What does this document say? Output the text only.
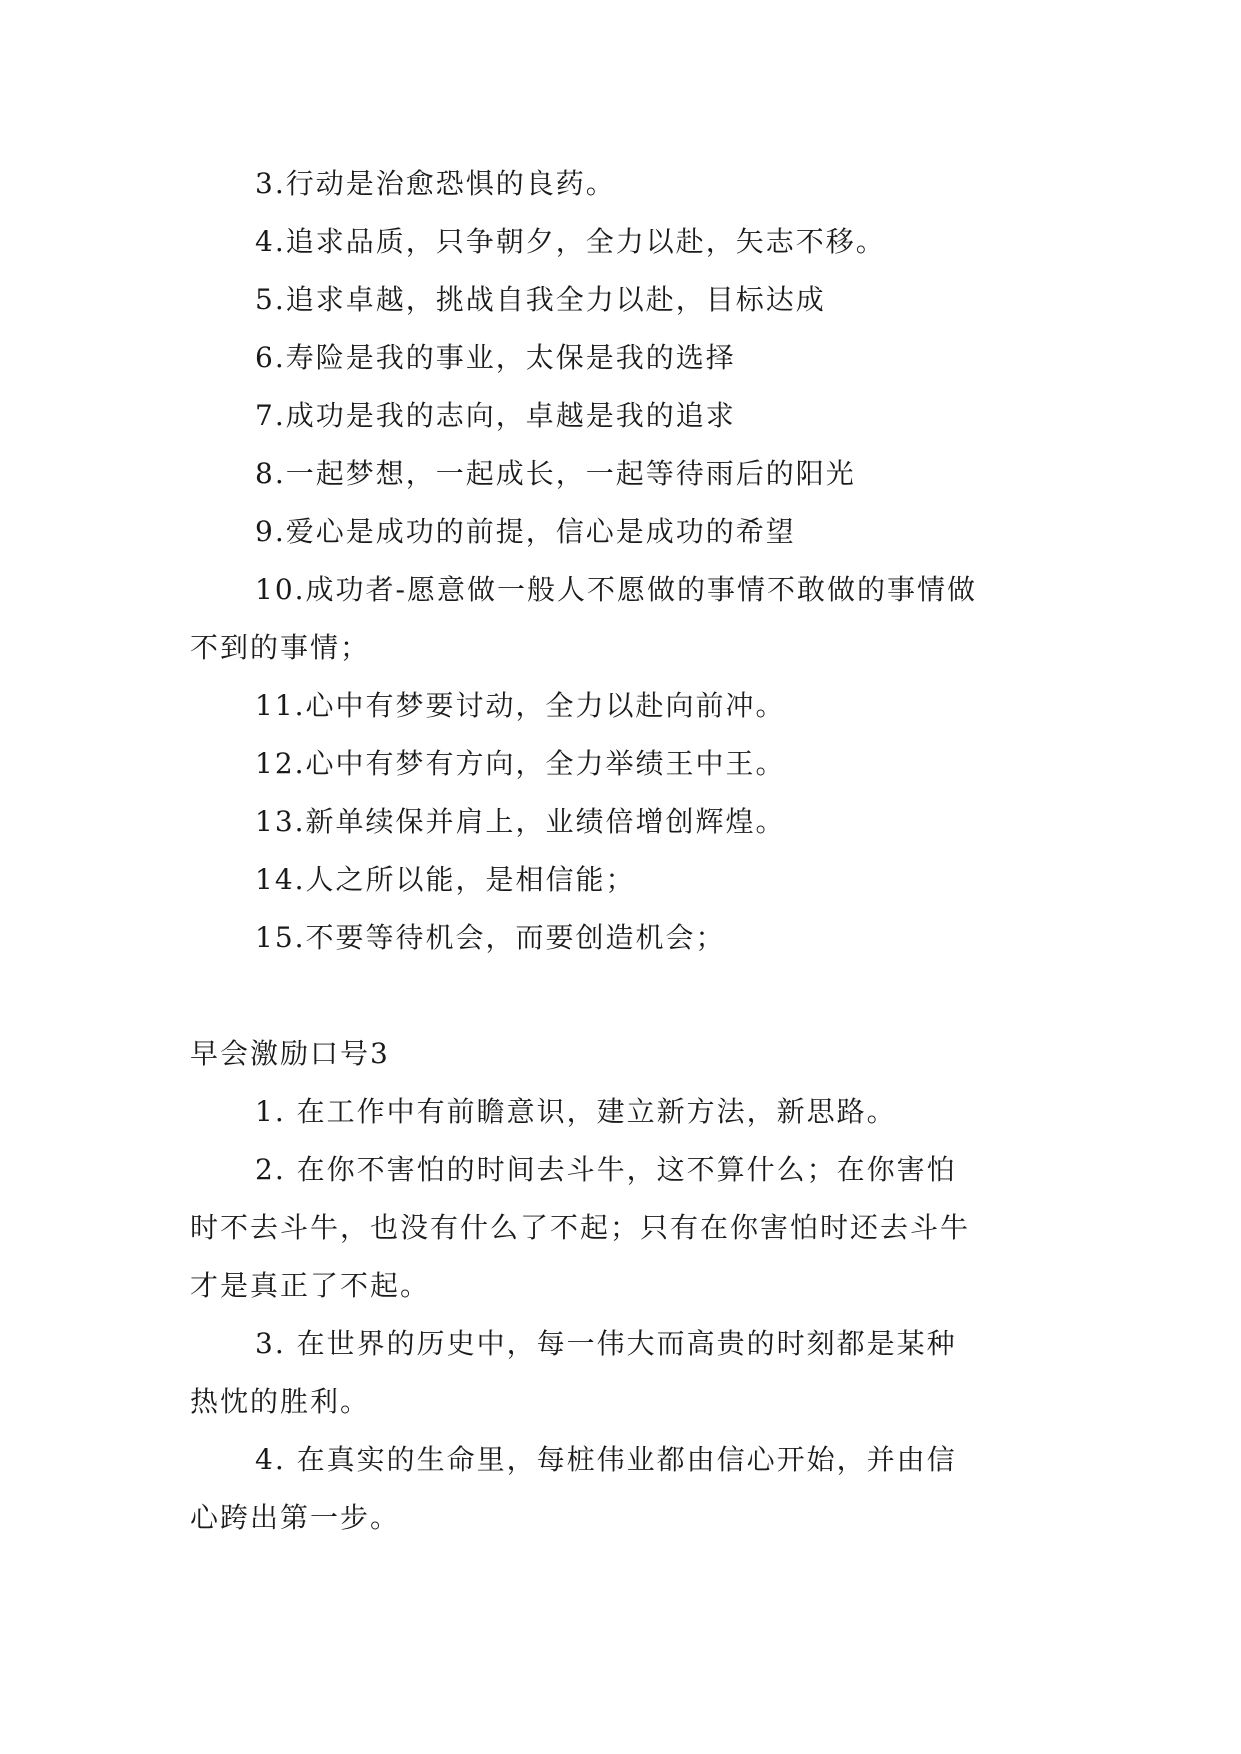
3.行动是治愈恐惧的良药。

4.追求品质，只争朝夕，全力以赴，矢志不移。

5.追求卓越，挑战自我全力以赴，目标达成

6.寿险是我的事业，太保是我的选择

7.成功是我的志向，卓越是我的追求

8.一起梦想，一起成长，一起等待雨后的阳光

9.爱心是成功的前提，信心是成功的希望

10.成功者-愿意做一般人不愿做的事情不敢做的事情做

不到的事情；

11.心中有梦要讨动，全力以赴向前冲。

12.心中有梦有方向，全力举绩王中王。

13.新单续保并肩上，业绩倍增创辉煌。

14.人之所以能，是相信能；

15.不要等待机会，而要创造机会；

早会激励口号3

1. 在工作中有前瞻意识，建立新方法，新思路。

2. 在你不害怕的时间去斗牛，这不算什么；在你害怕

时不去斗牛，也没有什么了不起；只有在你害怕时还去斗牛

才是真正了不起。

3. 在世界的历史中，每一伟大而高贵的时刻都是某种

热忱的胜利。

4. 在真实的生命里，每桩伟业都由信心开始，并由信

心跨出第一步。
